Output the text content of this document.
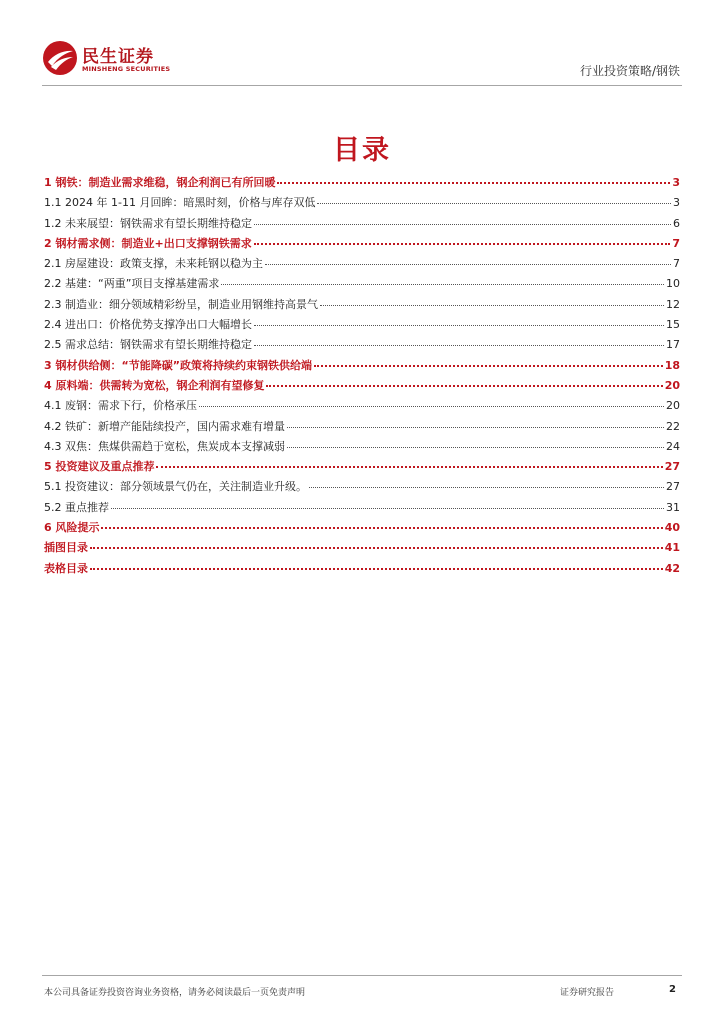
民生证券
MINSHENG SECURITIES	行业投资策略/钢铁
目录
1 钢铁：制造业需求维稳，钢企利润已有所回暖	3
1.1 2024 年 1-11 月回眸：暗黑时刻，价格与库存双低	3
1.2 未来展望：钢铁需求有望长期维持稳定	6
2 钢材需求侧：制造业+出口支撑钢铁需求	7
2.1 房屋建设：政策支撑，未来耗钢以稳为主	7
2.2 基建：“两重”项目支撑基建需求	10
2.3 制造业：细分领域精彩纷呈，制造业用钢维持高景气	12
2.4 进出口：价格优势支撑净出口大幅增长	15
2.5 需求总结：钢铁需求有望长期维持稳定	17
3 钢材供给侧：“节能降碳”政策将持续约束钢铁供给端	18
4 原料端：供需转为宽松，钢企利润有望修复	20
4.1 废钢：需求下行，价格承压	20
4.2 铁矿：新增产能陆续投产，国内需求难有增量	22
4.3 双焦：焦煤供需趋于宽松，焦炭成本支撑减弱	24
5 投资建议及重点推荐	27
5.1 投资建议：部分领域景气仍在，关注制造业升级。	27
5.2 重点推荐	31
6 风险提示	40
插图目录	41
表格目录	42
本公司具备证券投资咨询业务资格，请务必阅读最后一页免责声明	证券研究报告	2
